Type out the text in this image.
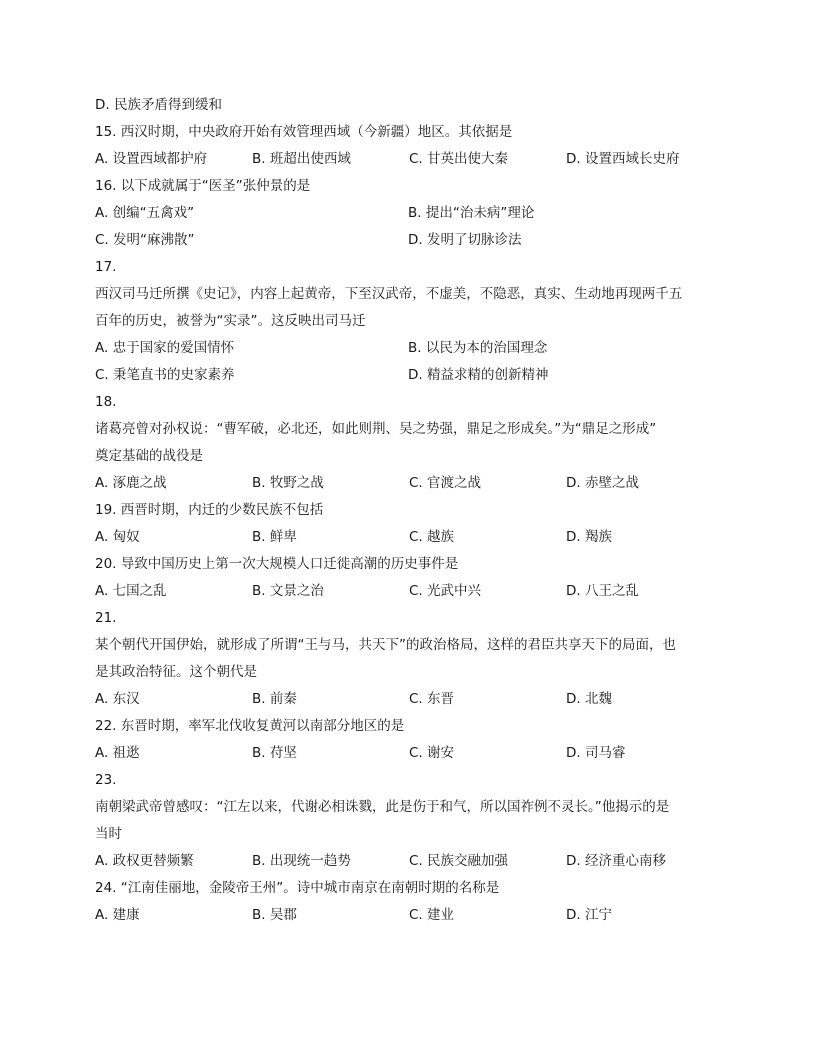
D. 民族矛盾得到缓和
15. 西汉时期，中央政府开始有效管理西域（今新疆）地区。其依据是
A. 设置西域都护府	B. 班超出使西域	C. 甘英出使大秦	D. 设置西域长史府
16. 以下成就属于“医圣”张仲景的是
A. 创编“五禽戏”	B. 提出“治未病”理论
C. 发明“麻沸散”	D. 发明了切脉诊法
17.
西汉司马迁所撰《史记》，内容上起黄帝，下至汉武帝，不虚美，不隐恶，真实、生动地再现两千五
百年的历史，被誉为“实录”。这反映出司马迁
A. 忠于国家的爱国情怀	B. 以民为本的治国理念
C. 秉笔直书的史家素养	D. 精益求精的创新精神
18.
诸葛亮曾对孙权说：“曹军破，必北还，如此则荆、吴之势强，鼎足之形成矣。”为“鼎足之形成”
奠定基础的战役是
A. 涿鹿之战	B. 牧野之战	C. 官渡之战	D. 赤壁之战
19. 西晋时期，内迁的少数民族不包括
A. 匈奴	B. 鲜卑	C. 越族	D. 羯族
20. 导致中国历史上第一次大规模人口迁徙高潮的历史事件是
A. 七国之乱	B. 文景之治	C. 光武中兴	D. 八王之乱
21.
某个朝代开国伊始，就形成了所谓“王与马，共天下”的政治格局，这样的君臣共享天下的局面，也
是其政治特征。这个朝代是
A. 东汉	B. 前秦	C. 东晋	D. 北魏
22. 东晋时期，率军北伐收复黄河以南部分地区的是
A. 祖逖	B. 苻坚	C. 谢安	D. 司马睿
23.
南朝梁武帝曾感叹：“江左以来，代谢必相诛戮，此是伤于和气，所以国祚例不灵长。”他揭示的是
当时
A. 政权更替频繁	B. 出现统一趋势	C. 民族交融加强	D. 经济重心南移
24. “江南佳丽地，金陵帝王州”。诗中城市南京在南朝时期的名称是
A. 建康	B. 吴郡	C. 建业	D. 江宁
